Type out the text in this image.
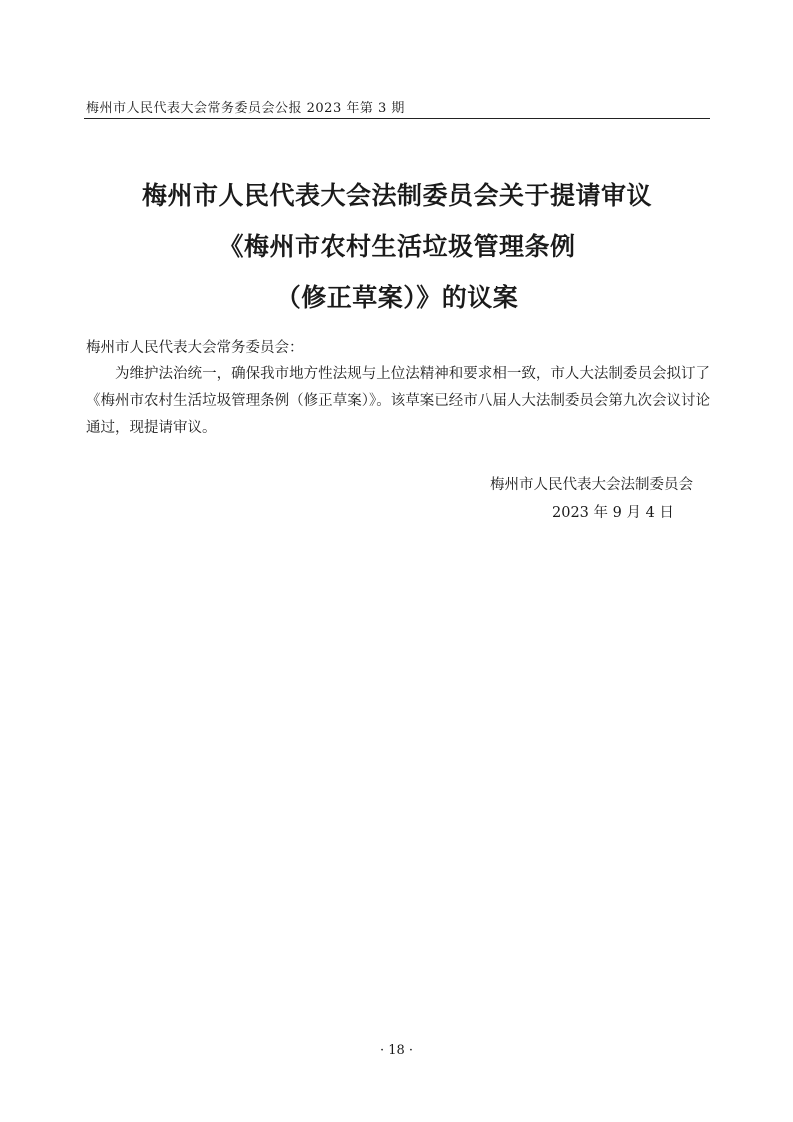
梅州市人民代表大会常务委员会公报 2023 年第 3 期
梅州市人民代表大会法制委员会关于提请审议
《梅州市农村生活垃圾管理条例
（修正草案）》的议案
梅州市人民代表大会常务委员会：

为维护法治统一，确保我市地方性法规与上位法精神和要求相一致，市人大法制委员会拟订了《梅州市农村生活垃圾管理条例（修正草案）》。该草案已经市八届人大法制委员会第九次会议讨论通过，现提请审议。

梅州市人民代表大会法制委员会
2023 年 9 月 4 日
· 18 ·
